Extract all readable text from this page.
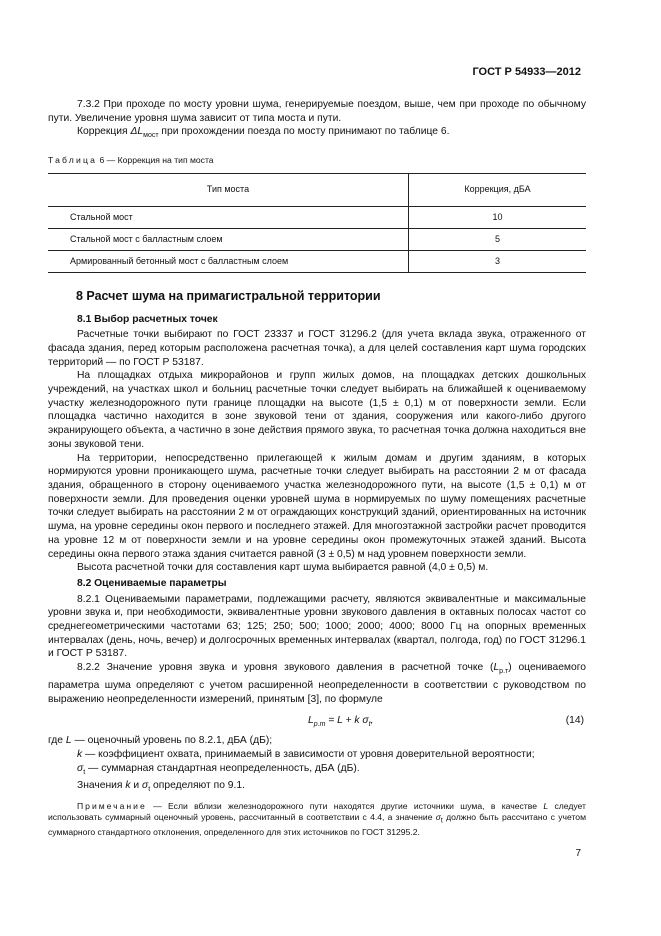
ГОСТ Р 54933—2012

7.3.2 При проходе по мосту уровни шума, генерируемые поездом, выше, чем при проходе по обычному пути. Увеличение уровня шума зависит от типа моста и пути.

Коррекция $\Delta L_{мост}$ при прохождении поезда по мосту принимают по таблице 6.

Таблица 6 — Коррекция на тип моста

Тип моста	Коррекция, дБА
Стальной мост	10
Стальной мост с балластным слоем	5
Армированный бетонный мост с балластным слоем	3
8 Расчет шума на примагистральной территории
8.1 Выбор расчетных точек

Расчетные точки выбирают по ГОСТ 23337 и ГОСТ 31296.2 (для учета вклада звука, отраженного от фасада здания, перед которым расположена расчетная точка), а для целей составления карт шума городских территорий — по ГОСТ Р 53187.

На площадках отдыха микрорайонов и групп жилых домов, на площадках детских дошкольных учреждений, на участках школ и больниц расчетные точки следует выбирать на ближайшей к оцениваемому участку железнодорожного пути границе площадки на высоте (1,5 ± 0,1) м от поверхности земли. Если площадка частично находится в зоне звуковой тени от здания, сооружения или какого-либо другого экранирующего объекта, а частично в зоне действия прямого звука, то расчетная точка должна находиться вне зоны звуковой тени.

На территории, непосредственно прилегающей к жилым домам и другим зданиям, в которых нормируются уровни проникающего шума, расчетные точки следует выбирать на расстоянии 2 м от фасада здания, обращенного в сторону оцениваемого участка железнодорожного пути, на высоте (1,5 ± 0,1) м от поверхности земли. Для проведения оценки уровней шума в нормируемых по шуму помещениях расчетные точки следует выбирать на расстоянии 2 м от ограждающих конструкций зданий, ориентированных на источник шума, на уровне середины окон первого и последнего этажей. Для многоэтажной застройки расчет проводится на уровне 12 м от поверхности земли и на уровне середины окон промежуточных этажей зданий. Высота середины окна первого этажа здания считается равной (3 ± 0,5) м над уровнем поверхности земли.

Высота расчетной точки для составления карт шума выбирается равной (4,0 ± 0,5) м.

8.2 Оцениваемые параметры

8.2.1 Оцениваемыми параметрами, подлежащими расчету, являются эквивалентные и максимальные уровни звука и, при необходимости, эквивалентные уровни звукового давления в октавных полосах частот со среднегеометрическими частотами 63; 125; 250; 500; 1000; 2000; 4000; 8000 Гц на опорных временных интервалах (день, ночь, вечер) и долгосрочных временных интервалах (квартал, полгода, год) по ГОСТ 31296.1 и ГОСТ Р 53187.

8.2.2 Значение уровня звука и уровня звукового давления в расчетной точке $(L_{р.т})$ оцениваемого параметра шума определяют с учетом расширенной неопределенности в соответствии с руководством по выражению неопределенности измерений, принятым [3], по формуле

$L_{р.т} = L + k$ $\sigma_t$,	(14)

где L — оценочный уровень по 8.2.1, дБА (дБ);

k — коэффициент охвата, принимаемый в зависимости от уровня доверительной вероятности;

$\sigma_t$ — суммарная стандартная неопределенность, дБА (дБ).

Значения k и $\sigma_t$ определяют по 9.1.

Примечание — Если вблизи железнодорожного пути находятся другие источники шума, в качестве L следует использовать суммарный оценочный уровень, рассчитанный в соответствии с 4.4, а значение $\sigma_t$ должно быть рассчитано с учетом суммарного стандартного отклонения, определенного для этих источников по ГОСТ 31295.2.

7
